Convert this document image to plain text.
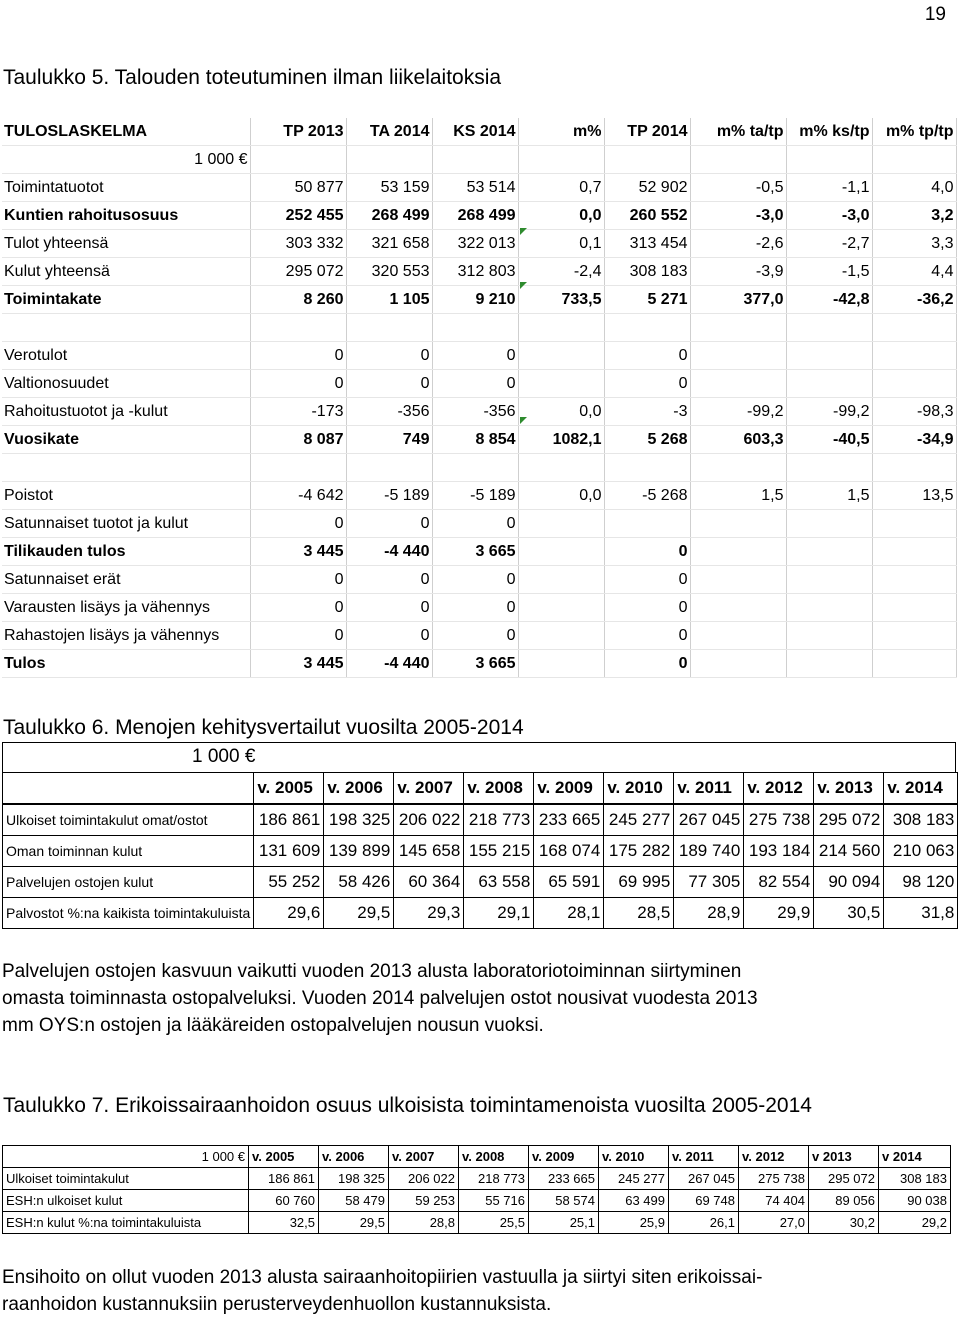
19
Taulukko 5. Talouden toteutuminen ilman liikelaitoksia
TULOSLASKELMA	TP 2013	TA 2014	KS 2014	m%	TP 2014	m% ta/tp	m% ks/tp	m% tp/tp
1 000 €								
Toimintatuotot	50 877	53 159	53 514	0,7	52 902	-0,5	-1,1	4,0
Kuntien rahoitusosuus	252 455	268 499	268 499	0,0	260 552	-3,0	-3,0	3,2
Tulot yhteensä	303 332	321 658	322 013	0,1	313 454	-2,6	-2,7	3,3
Kulut yhteensä	295 072	320 553	312 803	-2,4	308 183	-3,9	-1,5	4,4
Toimintakate	8 260	1 105	9 210	733,5	5 271	377,0	-42,8	-36,2

Verotulot	0	0	0		0			
Valtionosuudet	0	0	0		0			
Rahoitustuotot ja -kulut	-173	-356	-356	0,0	-3	-99,2	-99,2	-98,3
Vuosikate	8 087	749	8 854	1082,1	5 268	603,3	-40,5	-34,9

Poistot	-4 642	-5 189	-5 189	0,0	-5 268	1,5	1,5	13,5
Satunnaiset tuotot ja kulut	0	0	0					
Tilikauden tulos	3 445	-4 440	3 665		0			
Satunnaiset erät	0	0	0		0			
Varausten lisäys ja vähennys	0	0	0		0			
Rahastojen lisäys ja vähennys	0	0	0		0			
Tulos	3 445	-4 440	3 665		0			
Taulukko 6. Menojen kehitysvertailut vuosilta 2005-2014
1 000 €
	v. 2005	v. 2006	v. 2007	v. 2008	v. 2009	v. 2010	v. 2011	v. 2012	v. 2013	v. 2014
Ulkoiset toimintakulut omat/ostot	186 861	198 325	206 022	218 773	233 665	245 277	267 045	275 738	295 072	308 183
Oman toiminnan kulut	131 609	139 899	145 658	155 215	168 074	175 282	189 740	193 184	214 560	210 063
Palvelujen ostojen kulut	55 252	58 426	60 364	63 558	65 591	69 995	77 305	82 554	90 094	98 120
Palvostot %:na kaikista toimintakuluista	29,6	29,5	29,3	29,1	28,1	28,5	28,9	29,9	30,5	31,8
Palvelujen ostojen kasvuun vaikutti vuoden 2013 alusta laboratoriotoiminnan siirtyminen
omasta toiminnasta ostopalveluksi. Vuoden 2014 palvelujen ostot nousivat vuodesta 2013
mm OYS:n ostojen ja lääkäreiden ostopalvelujen nousun vuoksi.
Taulukko 7. Erikoissairaanhoidon osuus ulkoisista toimintamenoista vuosilta 2005-2014
1 000 €	v. 2005	v. 2006	v. 2007	v. 2008	v. 2009	v. 2010	v. 2011	v. 2012	v 2013	v 2014
Ulkoiset toimintakulut	186 861	198 325	206 022	218 773	233 665	245 277	267 045	275 738	295 072	308 183
ESH:n ulkoiset kulut	60 760	58 479	59 253	55 716	58 574	63 499	69 748	74 404	89 056	90 038
ESH:n kulut %:na toimintakuluista	32,5	29,5	28,8	25,5	25,1	25,9	26,1	27,0	30,2	29,2
Ensihoito on ollut vuoden 2013 alusta sairaanhoitopiirien vastuulla ja siirtyi siten erikoissai-
raanhoidon kustannuksiin perusterveydenhuollon kustannuksista.
